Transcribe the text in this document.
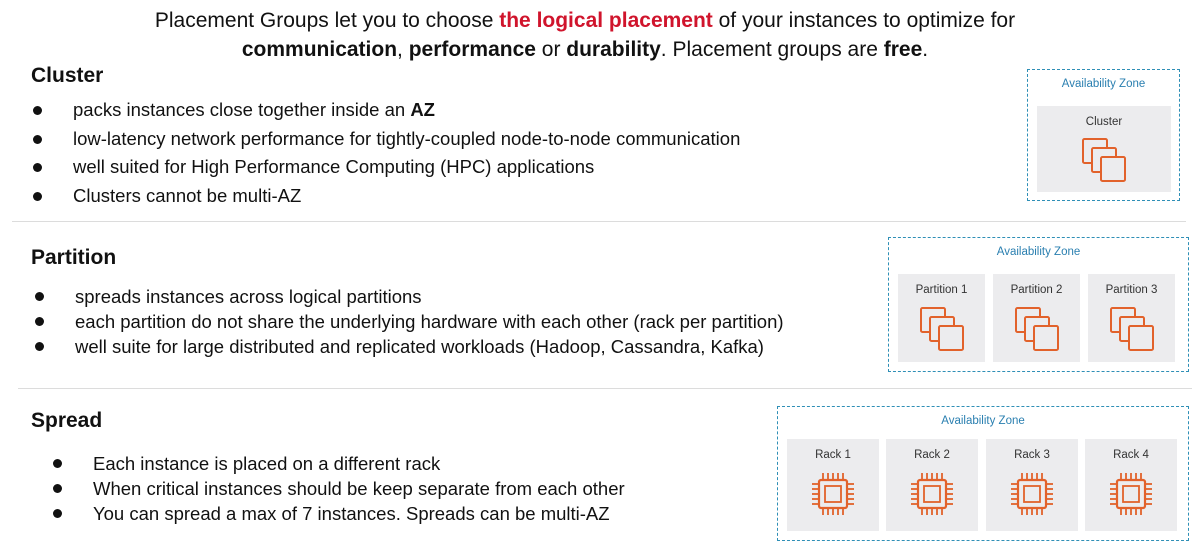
Placement Groups let you to choose the logical placement of your instances to optimize for
communication, performance or durability. Placement groups are free.
Cluster
packs instances close together inside an AZ
low-latency network performance for tightly-coupled node-to-node communication
well suited for High Performance Computing (HPC) applications
Clusters cannot be multi-AZ
Availability Zone
Cluster
Partition
spreads instances across logical partitions
each partition do not share the underlying hardware with each other (rack per partition)
well suite for large distributed and replicated workloads (Hadoop, Cassandra, Kafka)
Availability Zone
Partition 1	Partition 2	Partition 3
Spread
Each instance is placed on a different rack
When critical instances should be keep separate from each other
You can spread a max of 7 instances. Spreads can be multi-AZ
Availability Zone
Rack 1	Rack 2	Rack 3	Rack 4
